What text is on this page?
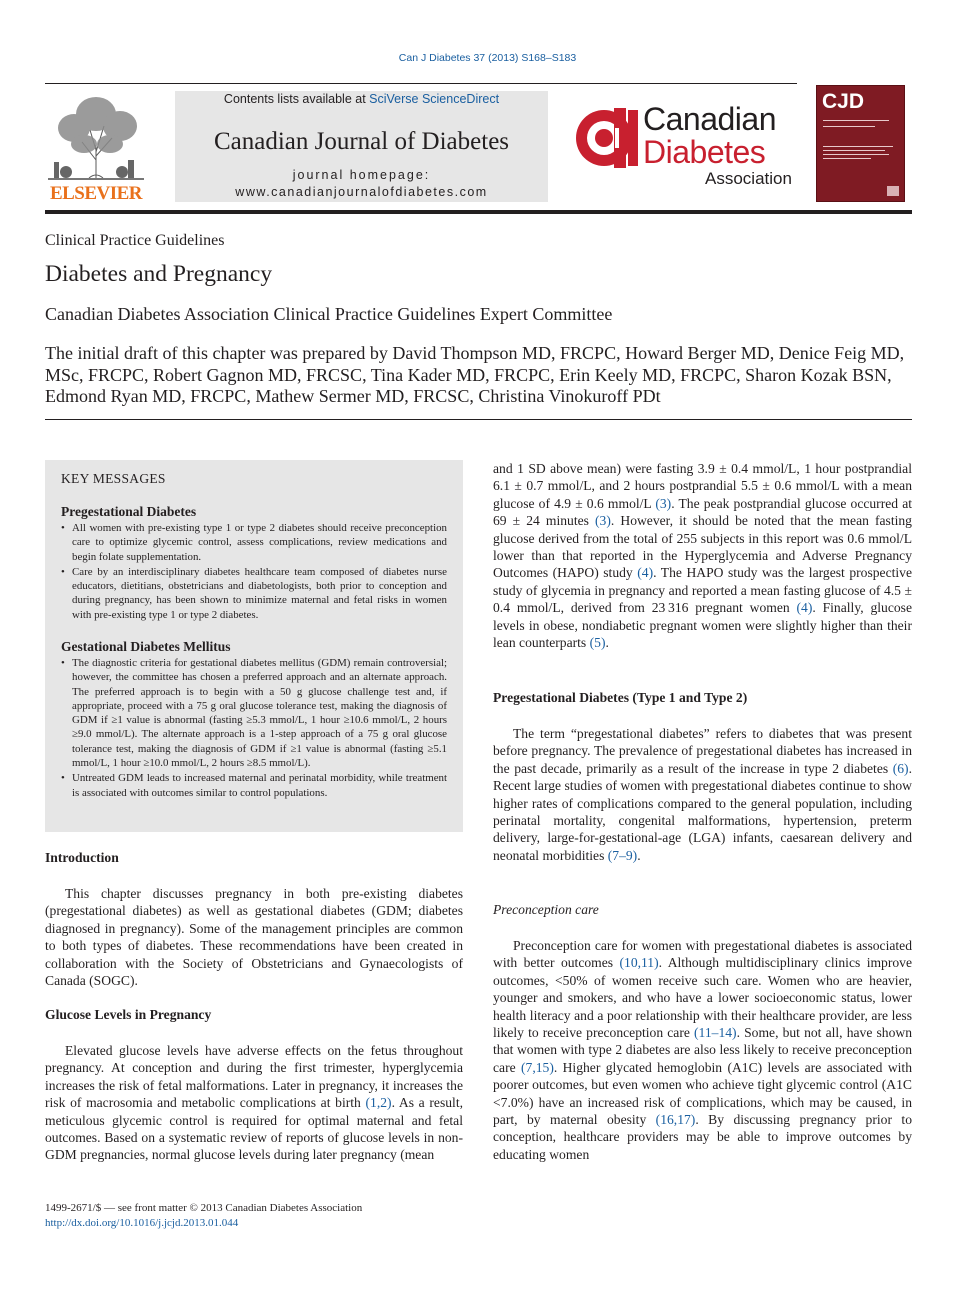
Can J Diabetes 37 (2013) S168–S183
ELSEVIER
Contents lists available at SciVerse ScienceDirect
Canadian Journal of Diabetes
journal homepage:
www.canadianjournalofdiabetes.com
Canadian
Diabetes
Association
CJD
Clinical Practice Guidelines
Diabetes and Pregnancy
Canadian Diabetes Association Clinical Practice Guidelines Expert Committee
The initial draft of this chapter was prepared by David Thompson MD, FRCPC, Howard Berger MD, Denice Feig MD, MSc, FRCPC, Robert Gagnon MD, FRCSC, Tina Kader MD, FRCPC, Erin Keely MD, FRCPC, Sharon Kozak BSN, Edmond Ryan MD, FRCPC, Mathew Sermer MD, FRCSC, Christina Vinokuroff PDt
KEY MESSAGES
Pregestational Diabetes
• All women with pre-existing type 1 or type 2 diabetes should receive preconception care to optimize glycemic control, assess complications, review medications and begin folate supplementation.
• Care by an interdisciplinary diabetes healthcare team composed of diabetes nurse educators, dietitians, obstetricians and diabetologists, both prior to conception and during pregnancy, has been shown to minimize maternal and fetal risks in women with pre-existing type 1 or type 2 diabetes.
Gestational Diabetes Mellitus
• The diagnostic criteria for gestational diabetes mellitus (GDM) remain controversial; however, the committee has chosen a preferred approach and an alternate approach. The preferred approach is to begin with a 50 g glucose challenge test and, if appropriate, proceed with a 75 g oral glucose tolerance test, making the diagnosis of GDM if ≥1 value is abnormal (fasting ≥5.3 mmol/L, 1 hour ≥10.6 mmol/L, 2 hours ≥9.0 mmol/L). The alternate approach is a 1-step approach of a 75 g oral glucose tolerance test, making the diagnosis of GDM if ≥1 value is abnormal (fasting ≥5.1 mmol/L, 1 hour ≥10.0 mmol/L, 2 hours ≥8.5 mmol/L).
• Untreated GDM leads to increased maternal and perinatal morbidity, while treatment is associated with outcomes similar to control populations.
Introduction

This chapter discusses pregnancy in both pre-existing diabetes (pregestational diabetes) as well as gestational diabetes (GDM; diabetes diagnosed in pregnancy). Some of the management principles are common to both types of diabetes. These recommendations have been created in collaboration with the Society of Obstetricians and Gynaecologists of Canada (SOGC).

Glucose Levels in Pregnancy

Elevated glucose levels have adverse effects on the fetus throughout pregnancy. At conception and during the first trimester, hyperglycemia increases the risk of fetal malformations. Later in pregnancy, it increases the risk of macrosomia and metabolic complications at birth (1,2). As a result, meticulous glycemic control is required for optimal maternal and fetal outcomes. Based on a systematic review of reports of glucose levels in non-GDM pregnancies, normal glucose levels during later pregnancy (mean

and 1 SD above mean) were fasting 3.9 ± 0.4 mmol/L, 1 hour postprandial 6.1 ± 0.7 mmol/L, and 2 hours postprandial 5.5 ± 0.6 mmol/L with a mean glucose of 4.9 ± 0.6 mmol/L (3). The peak postprandial glucose occurred at 69 ± 24 minutes (3). However, it should be noted that the mean fasting glucose derived from the total of 255 subjects in this report was 0.6 mmol/L lower than that reported in the Hyperglycemia and Adverse Pregnancy Outcomes (HAPO) study (4). The HAPO study was the largest prospective study of glycemia in pregnancy and reported a mean fasting glucose of 4.5 ± 0.4 mmol/L, derived from 23 316 pregnant women (4). Finally, glucose levels in obese, nondiabetic pregnant women were slightly higher than their lean counterparts (5).

Pregestational Diabetes (Type 1 and Type 2)

The term “pregestational diabetes” refers to diabetes that was present before pregnancy. The prevalence of pregestational diabetes has increased in the past decade, primarily as a result of the increase in type 2 diabetes (6). Recent large studies of women with pregestational diabetes continue to show higher rates of complications compared to the general population, including perinatal mortality, congenital malformations, hypertension, preterm delivery, large-for-gestational-age (LGA) infants, caesarean delivery and neonatal morbidities (7–9).

Preconception care

Preconception care for women with pregestational diabetes is associated with better outcomes (10,11). Although multidisciplinary clinics improve outcomes, <50% of women receive such care. Women who are heavier, younger and smokers, and who have a lower socioeconomic status, lower health literacy and a poor relationship with their healthcare provider, are less likely to receive preconception care (11–14). Some, but not all, have shown that women with type 2 diabetes are also less likely to receive preconception care (7,15). Higher glycated hemoglobin (A1C) levels are associated with poorer outcomes, but even women who achieve tight glycemic control (A1C <7.0%) have an increased risk of complications, which may be caused, in part, by maternal obesity (16,17). By discussing pregnancy prior to conception, healthcare providers may be able to improve outcomes by educating women

1499-2671/$ — see front matter © 2013 Canadian Diabetes Association
http://dx.doi.org/10.1016/j.jcjd.2013.01.044
